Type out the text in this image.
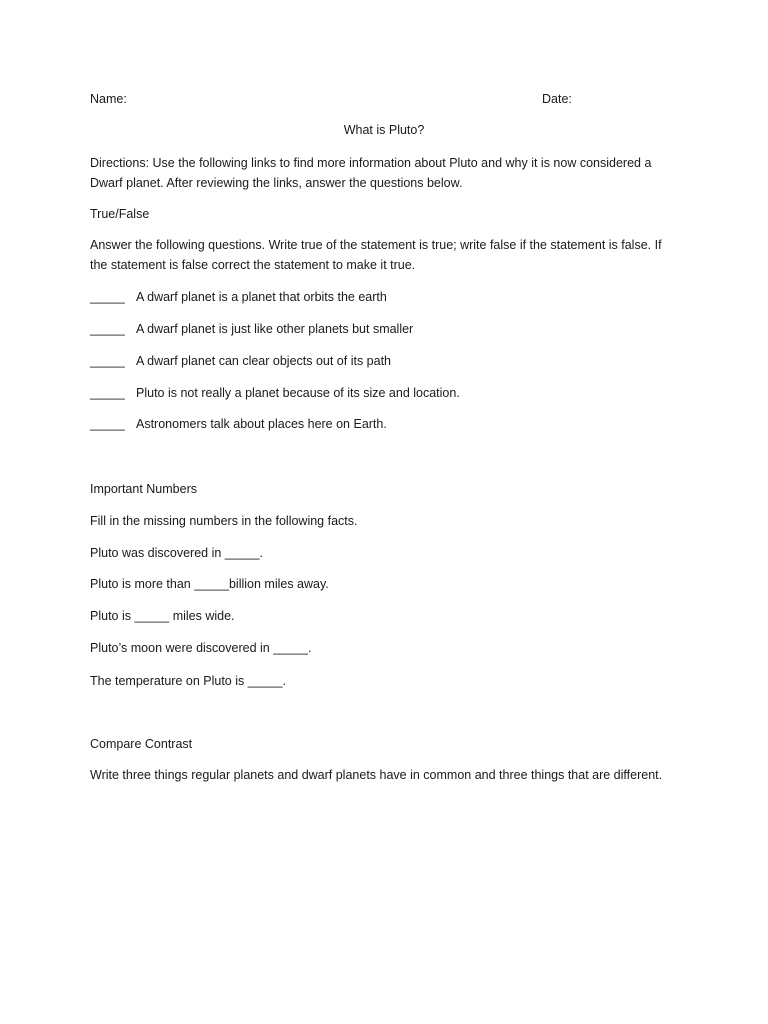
Name:	Date:
What is Pluto?
Directions: Use the following links to find more information about Pluto and why it is now considered a Dwarf planet. After reviewing the links, answer the questions below.
True/False
Answer the following questions. Write true of the statement is true; write false if the statement is false. If the statement is false correct the statement to make it true.
_____ A dwarf planet is a planet that orbits the earth
_____ A dwarf planet is just like other planets but smaller
_____ A dwarf planet can clear objects out of its path
_____ Pluto is not really a planet because of its size and location.
_____ Astronomers talk about places here on Earth.
Important Numbers
Fill in the missing numbers in the following facts.
Pluto was discovered in _____.
Pluto is more than _____billion miles away.
Pluto is _____ miles wide.
Pluto’s moon were discovered in _____.
The temperature on Pluto is _____.
Compare Contrast
Write three things regular planets and dwarf planets have in common and three things that are different.
